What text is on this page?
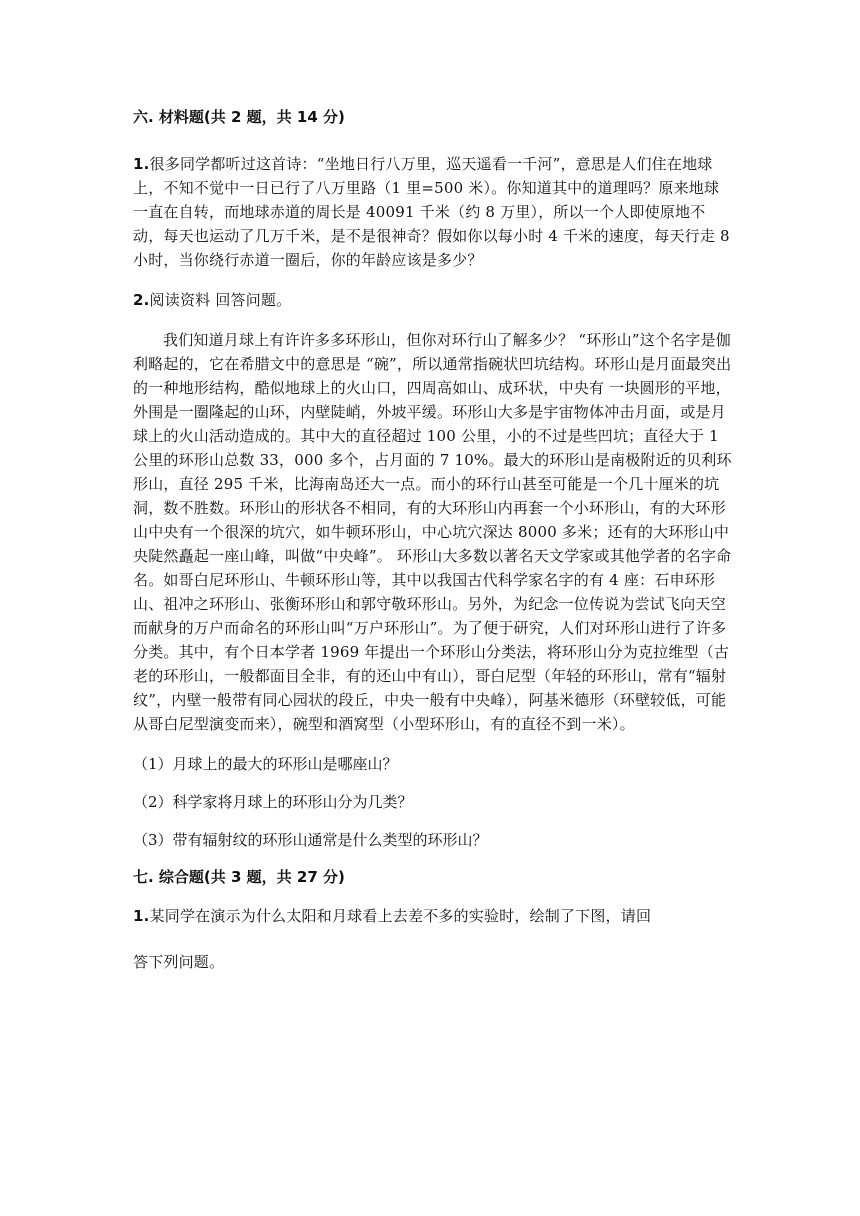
六. 材料题(共 2 题，共 14 分)

1.很多同学都听过这首诗：“坐地日行八万里，巡天遥看一千河”，意思是人们住在地球上，不知不觉中一日已行了八万里路（1 里=500 米）。你知道其中的道理吗？原来地球一直在自转，而地球赤道的周长是 40091 千米（约 8 万里），所以一个人即使原地不动，每天也运动了几万千米，是不是很神奇？假如你以每小时 4 千米的速度，每天行走 8 小时，当你绕行赤道一圈后，你的年龄应该是多少？

2.阅读资料 回答问题。

我们知道月球上有许许多多环形山，但你对环行山了解多少？ “环形山”这个名字是伽利略起的，它在希腊文中的意思是 “碗”，所以通常指碗状凹坑结构。环形山是月面最突出的一种地形结构，酷似地球上的火山口，四周高如山、成环状，中央有 一块圆形的平地，外围是一圈隆起的山环，内壁陡峭，外坡平缓。环形山大多是宇宙物体冲击月面，或是月球上的火山活动造成的。其中大的直径超过 100 公里，小的不过是些凹坑；直径大于 1 公里的环形山总数 33，000 多个，占月面的 7 10%。最大的环形山是南极附近的贝利环形山，直径 295 千米，比海南岛还大一点。而小的环行山甚至可能是一个几十厘米的坑洞，数不胜数。环形山的形状各不相同，有的大环形山内再套一个小环形山，有的大环形山中央有一个很深的坑穴，如牛顿环形山，中心坑穴深达 8000 多米；还有的大环形山中央陡然矗起一座山峰，叫做“中央峰”。 环形山大多数以著名天文学家或其他学者的名字命名。如哥白尼环形山、牛顿环形山等，其中以我国古代科学家名字的有 4 座：石申环形山、祖冲之环形山、张衡环形山和郭守敬环形山。另外，为纪念一位传说为尝试飞向天空而献身的万户而命名的环形山叫“万户环形山”。为了便于研究，人们对环形山进行了许多分类。其中，有个日本学者 1969 年提出一个环形山分类法，将环形山分为克拉维型（古老的环形山，一般都面目全非，有的还山中有山），哥白尼型（年轻的环形山，常有“辐射纹”，内壁一般带有同心园状的段丘，中央一般有中央峰），阿基米德形（环壁较低，可能从哥白尼型演变而来），碗型和酒窝型（小型环形山，有的直径不到一米）。

（1）月球上的最大的环形山是哪座山？

（2）科学家将月球上的环形山分为几类？

（3）带有辐射纹的环形山通常是什么类型的环形山？

七. 综合题(共 3 题，共 27 分)

1.某同学在演示为什么太阳和月球看上去差不多的实验时，绘制了下图，请回

答下列问题。
